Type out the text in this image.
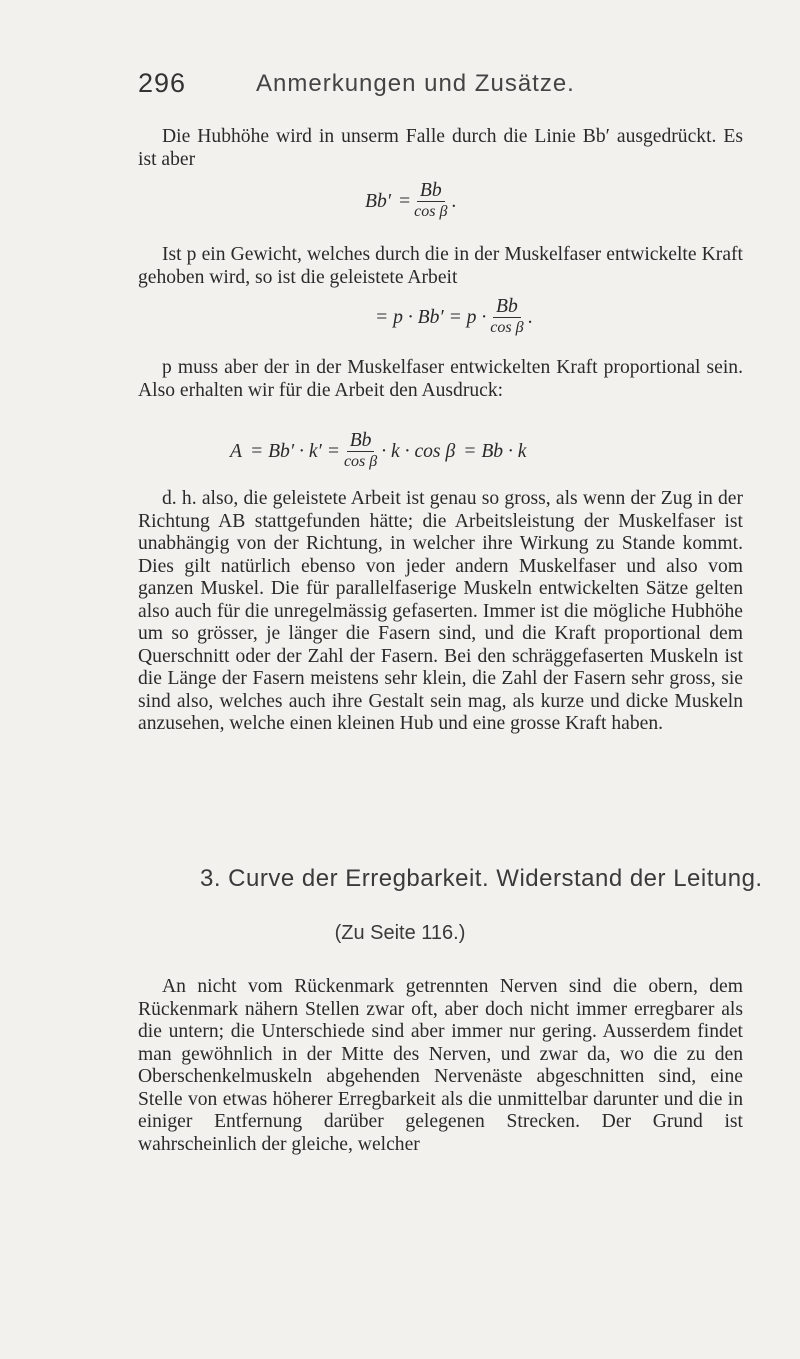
296	Anmerkungen und Zusätze.

Die Hubhöhe wird in unserm Falle durch die Linie Bb′ ausgedrückt. Es ist aber

$Bb' = \frac{Bb}{\text{cos β}}$ .

Ist p ein Gewicht, welches durch die in der Muskelfaser entwickelte Kraft gehoben wird, so ist die geleistete Arbeit

= $p \cdot Bb' = p \cdot \frac{Bb}{\text{cos β}}$ .

p muss aber der in der Muskelfaser entwickelten Kraft proportional sein. Also erhalten wir für die Arbeit den Ausdruck:

$A = Bb' \cdot k' = \frac{Bb}{\text{cos β}} \cdot k \cdot \cos \beta = Bb \cdot k$

d. h. also, die geleistete Arbeit ist genau so gross, als wenn der Zug in der Richtung AB stattgefunden hätte; die Arbeitsleistung der Muskelfaser ist unabhängig von der Richtung, in welcher ihre Wirkung zu Stande kommt. Dies gilt natürlich ebenso von jeder andern Muskelfaser und also vom ganzen Muskel. Die für parallelfaserige Muskeln entwickelten Sätze gelten also auch für die unregelmässig gefaserten. Immer ist die mögliche Hubhöhe um so grösser, je länger die Fasern sind, und die Kraft proportional dem Querschnitt oder der Zahl der Fasern. Bei den schräggefaserten Muskeln ist die Länge der Fasern meistens sehr klein, die Zahl der Fasern sehr gross, sie sind also, welches auch ihre Gestalt sein mag, als kurze und dicke Muskeln anzusehen, welche einen kleinen Hub und eine grosse Kraft haben.

3. Curve der Erregbarkeit. Widerstand der Leitung.
(Zu Seite 116.)

An nicht vom Rückenmark getrennten Nerven sind die obern, dem Rückenmark nähern Stellen zwar oft, aber doch nicht immer erregbarer als die untern; die Unterschiede sind aber immer nur gering. Ausserdem findet man gewöhnlich in der Mitte des Nerven, und zwar da, wo die zu den Oberschenkelmuskeln abgehenden Nervenäste abgeschnitten sind, eine Stelle von etwas höherer Erregbarkeit als die unmittelbar darunter und die in einiger Entfernung darüber gelegenen Strecken. Der Grund ist wahrscheinlich der gleiche, welcher
